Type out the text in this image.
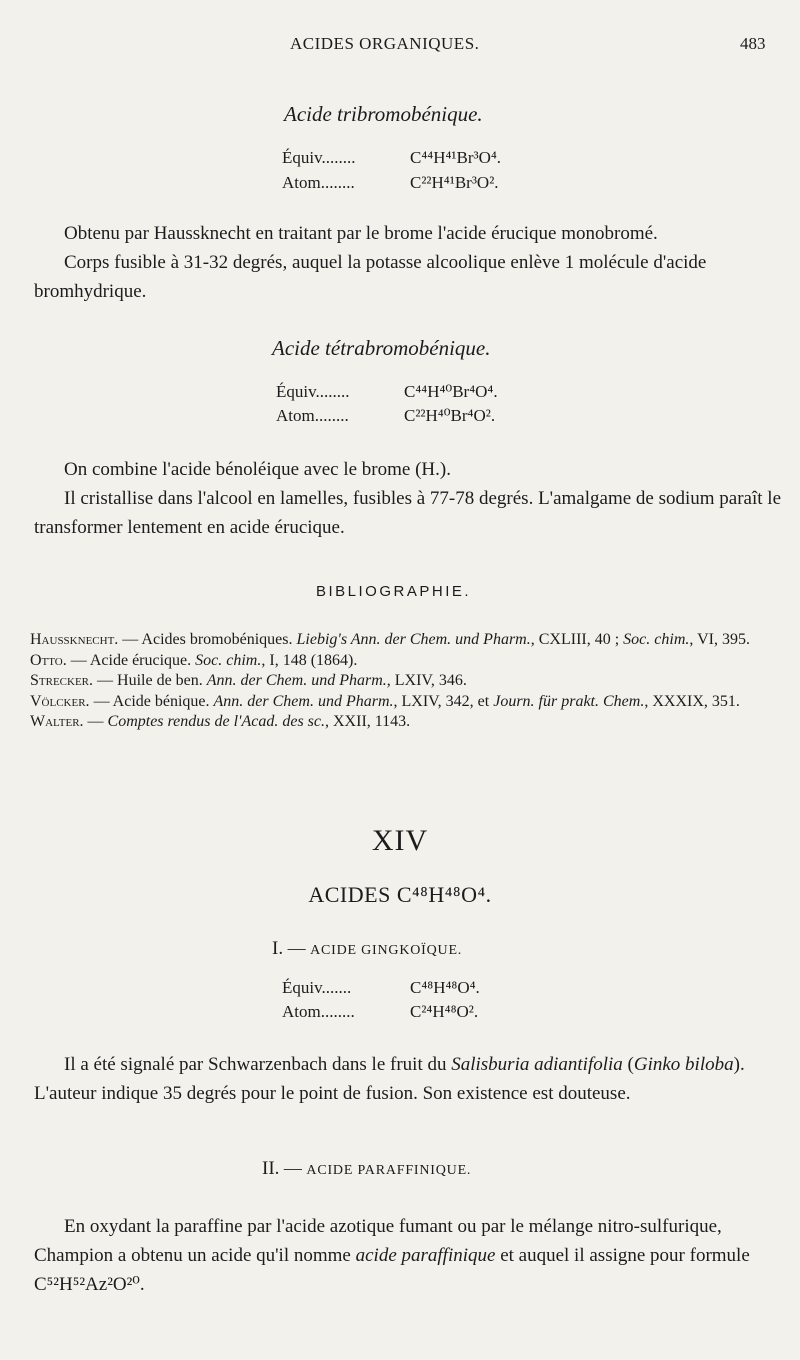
ACIDES ORGANIQUES.	483
Acide tribromobénique.
Équiv........	C⁴⁴H⁴¹Br³O⁴.
Atom........	C²²H⁴¹Br³O².

Obtenu par Haussknecht en traitant par le brome l'acide érucique monobromé.

Corps fusible à 31-32 degrés, auquel la potasse alcoolique enlève 1 molécule d'acide bromhydrique.

Acide tétrabromobénique.
Équiv........	C⁴⁴H⁴⁰Br⁴O⁴.
Atom........	C²²H⁴⁰Br⁴O².

On combine l'acide bénoléique avec le brome (H.).

Il cristallise dans l'alcool en lamelles, fusibles à 77-78 degrés. L'amalgame de sodium paraît le transformer lentement en acide érucique.

BIBLIOGRAPHIE.

Haussknecht. — Acides bromobéniques. Liebig's Ann. der Chem. und Pharm., CXLIII, 40 ; Soc. chim., VI, 395.

Otto. — Acide érucique. Soc. chim., I, 148 (1864).

Strecker. — Huile de ben. Ann. der Chem. und Pharm., LXIV, 346.

Völcker. — Acide bénique. Ann. der Chem. und Pharm., LXIV, 342, et Journ. für prakt. Chem., XXXIX, 351.

Walter. — Comptes rendus de l'Acad. des sc., XXII, 1143.

XIV
ACIDES C⁴⁸H⁴⁸O⁴.
I. — ACIDE GINGKOÏQUE.
Équiv.......	C⁴⁸H⁴⁸O⁴.
Atom........	C²⁴H⁴⁸O².

Il a été signalé par Schwarzenbach dans le fruit du Salisburia adiantifolia (Ginko biloba). L'auteur indique 35 degrés pour le point de fusion. Son existence est douteuse.

II. — ACIDE PARAFFINIQUE.

En oxydant la paraffine par l'acide azotique fumant ou par le mélange nitro-sulfurique, Champion a obtenu un acide qu'il nomme acide paraffinique et auquel il assigne pour formule C⁵²H⁵²Az²O²⁰.
